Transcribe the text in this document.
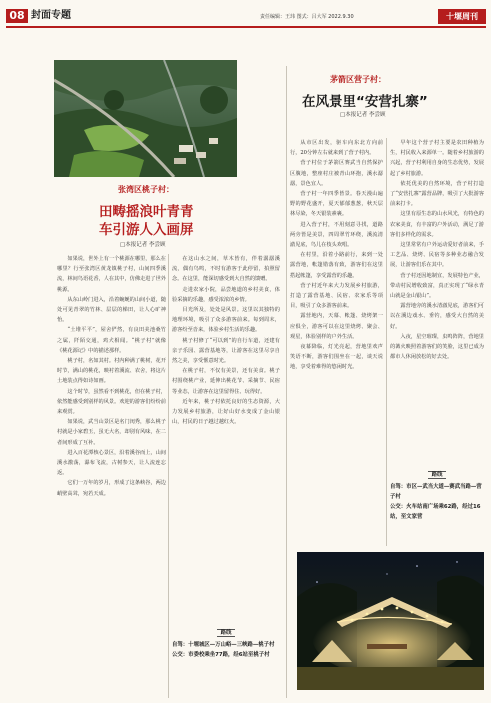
08 封面专题	责任编辑：王玮 图式：吕大军 2022.9.30	十堰周刊
张湾区桃子村：
田畴摇浪叶青青
车引游人入画屏
□本报记者 李尝顾

如果说，世外上有一个桃源在哪里，那么在哪里？行至张湾区黄龙镇桃子村，山间四季溪流，林间鸟语花香，人在其中，仿佛走进了世外桃源。

从东山岭门进入，沿着蜿蜒的山间小道，随处可见青翠的竹林、层层的梯田，让人心旷神怡。

“土堆平平”，屋舍俨然，有良田美池桑竹之属，阡陌交通，鸡犬相闻。“桃子村”就像《桃花源记》中的描述那样。

桃子村，名如其村。村内种满了桃树，花开时节，满山的桃花，映衬着溪流、农舍，将这片土地装点得如诗如画。

这个时节，虽然看不到桃花，但在桃子村，依然能感受到别样的风景。欢迎的游客们纷纷前来观赏。

如果说，武当山景区是名门闺秀，那么桃子村就是小家碧玉，虽无大名，却别有风味，在二者间形成了互补。

进入百花潭核心景区，沿着溪谷而上，山间溪水激荡，瀑布飞流，古树参天，让人流连忘返。

它们一万年的岁月，形成了这条峡谷，两边峭壁高耸，宛若天成。

在这山水之间，草木皆有，伴着潺潺溪流，偶有鸟鸣，不时有游客于此停留，拍照留念。在这里，能深切感受到大自然的馈赠。

走进农家小院，品尝地道的乡村美食，体验采摘的乐趣，感受浓浓的乡情。

目光所及，处处是风景。这里以其独特的地理环境，吸引了众多游客前来。每到周末，游客纷至沓来，体验乡村生活的乐趣。

桃子村修了“可以到”的自行车道，还建有亲子乐园、露营基地等，让游客在这里尽享自然之美，享受惬意时光。

在桃子村，不仅有美景，还有美食。桃子村围绕桃产业，延伸出桃花节、采摘节、民宿等业态，让游客在这里留得住、玩得好。

近年来，桃子村依托良好的生态资源，大力发展乡村旅游，让好山好水变成了金山银山，村民的日子越过越红火。

路线
自驾：十堰城区—万山峪—三峡路—桃子村
公交：市委校乘坐77路，经6站至桃子村
茅箭区营子村：
在风景里“安营扎寨”
□本报记者 李尝顾

从市区出发，驱车向东北方向前行，20分钟左右就来到了营子村内。

营子村位于茅箭区赛武当自然保护区腹地，整座村庄被青山环抱，溪水潺潺，景色宜人。

营子村一年四季皆景。春天漫山遍野的野花盛开，夏天郁郁葱葱，秋天层林尽染，冬天银装素裹。

进入营子村，不用刻意寻找，道路两旁皆是美景，四周翠竹环绕，溪流清澈见底，鸟儿在枝头欢唱。

在村里，沿着小路前行，来到一处露营地，帐篷错落有致，游客们在这里搭起帐篷，享受露营的乐趣。

营子村近年来大力发展乡村旅游，打造了露营基地、民宿、农家乐等项目，吸引了众多游客前来。

露营地内，天幕、帐篷、烧烤架一应俱全，游客可以在这里烧烤、聚会、观星，体验别样的户外生活。

夜幕降临，灯光亮起，营地里欢声笑语不断，游客们围坐在一起，谈天说地，享受着难得的悠闲时光。

早年这个营子村主要是农田种植为生，村民收入来源单一。随着乡村旅游的兴起，营子村利用自身的生态优势，发展起了乡村旅游。

依托优美的自然环境，营子村打造了“安营扎寨”露营品牌，吸引了大批游客前来打卡。

这里有原生态的山水风光，有特色的农家美食，有丰富的户外活动，满足了游客们多样化的需求。

这里常常有户外运动爱好者前来，手工艺品、烧烤、民宿等多种业态融合发展，让游客们乐在其中。

营子村还因地制宜，发展特色产业，带动村民增收致富，真正实现了“绿水青山就是金山银山”。

露营地旁的溪水清澈见底，游客们可以在溪边戏水、垂钓，感受大自然的美好。

入夜，星空璀璨，虫鸣阵阵，营地里的篝火映照着游客们的笑脸，这里已成为都市人休闲放松的好去处。

路线
自驾：市区—武当大道—赛武当路—营子村
公交：火车站南广场乘62路，经过16站，至文家营
